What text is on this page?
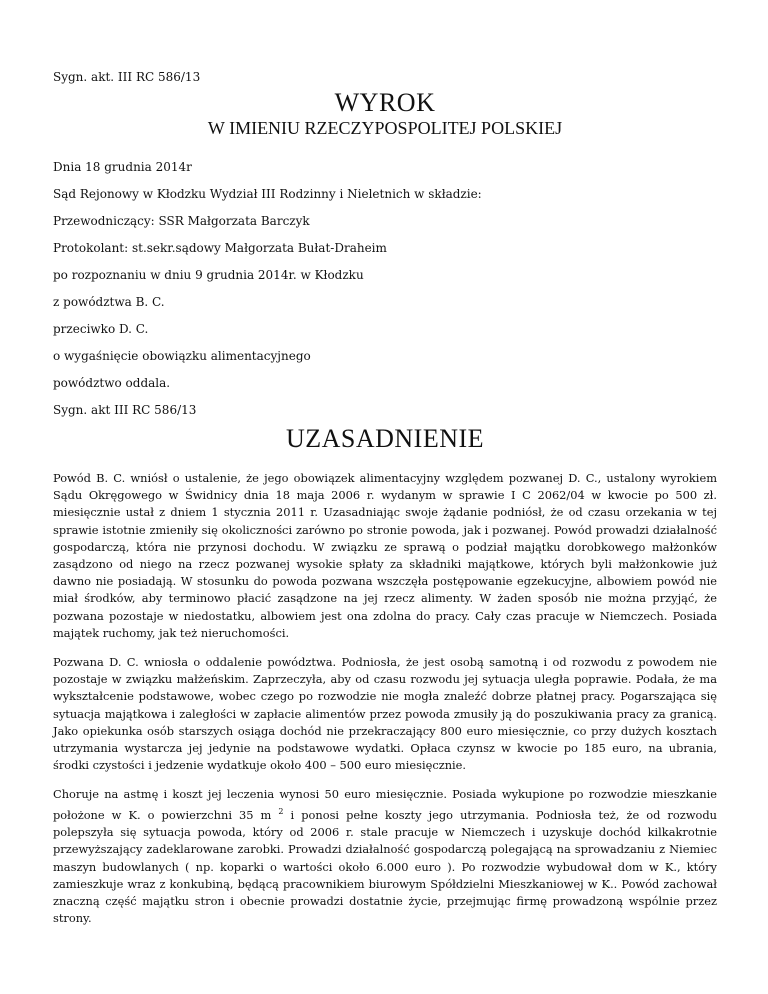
Sygn. akt. III RC 586/13

WYROK
W IMIENIU RZECZYPOSPOLITEJ POLSKIEJ

Dnia 18 grudnia 2014r

Sąd Rejonowy w Kłodzku Wydział III Rodzinny i Nieletnich w składzie:

Przewodniczący: SSR Małgorzata Barczyk

Protokolant: st.sekr.sądowy Małgorzata Bułat-Draheim

po rozpoznaniu w dniu 9 grudnia 2014r. w Kłodzku

z powództwa B. C.

przeciwko D. C.

o wygaśnięcie obowiązku alimentacyjnego

powództwo oddala.

Sygn. akt III RC 586/13

UZASADNIENIE

Powód B. C. wniósł o ustalenie, że jego obowiązek alimentacyjny względem pozwanej D. C., ustalony wyrokiem Sądu Okręgowego w Świdnicy dnia 18 maja 2006 r. wydanym w sprawie I C 2062/04 w kwocie po 500 zł. miesięcznie ustał z dniem 1 stycznia 2011 r. Uzasadniając swoje żądanie podniósł, że od czasu orzekania w tej sprawie istotnie zmieniły się okoliczności zarówno po stronie powoda, jak i pozwanej. Powód prowadzi działalność gospodarczą, która nie przynosi dochodu. W związku ze sprawą o podział majątku dorobkowego małżonków zasądzono od niego na rzecz pozwanej wysokie spłaty za składniki majątkowe, których byli małżonkowie już dawno nie posiadają. W stosunku do powoda pozwana wszczęła postępowanie egzekucyjne, albowiem powód nie miał środków, aby terminowo płacić zasądzone na jej rzecz alimenty. W żaden sposób nie można przyjąć, że pozwana pozostaje w niedostatku, albowiem jest ona zdolna do pracy. Cały czas pracuje w Niemczech. Posiada majątek ruchomy, jak też nieruchomości.

Pozwana D. C. wniosła o oddalenie powództwa. Podniosła, że jest osobą samotną i od rozwodu z powodem nie pozostaje w związku małżeńskim. Zaprzeczyła, aby od czasu rozwodu jej sytuacja uległa poprawie. Podała, że ma wykształcenie podstawowe, wobec czego po rozwodzie nie mogła znaleźć dobrze płatnej pracy. Pogarszająca się sytuacja majątkowa i zaległości w zapłacie alimentów przez powoda zmusiły ją do poszukiwania pracy za granicą. Jako opiekunka osób starszych osiąga dochód nie przekraczający 800 euro miesięcznie, co przy dużych kosztach utrzymania wystarcza jej jedynie na podstawowe wydatki. Opłaca czynsz w kwocie po 185 euro, na ubrania, środki czystości i jedzenie wydatkuje około 400 – 500 euro miesięcznie.

Choruje na astmę i koszt jej leczenia wynosi 50 euro miesięcznie. Posiada wykupione po rozwodzie mieszkanie położone w K. o powierzchni 35 m $^2$ i ponosi pełne koszty jego utrzymania. Podniosła też, że od rozwodu polepszyła się sytuacja powoda, który od 2006 r. stale pracuje w Niemczech i uzyskuje dochód kilkakrotnie przewyższający zadeklarowane zarobki. Prowadzi działalność gospodarczą polegającą na sprowadzaniu z Niemiec maszyn budowlanych ( np. koparki o wartości około 6.000 euro ). Po rozwodzie wybudował dom w K., który zamieszkuje wraz z konkubiną, będącą pracownikiem biurowym Spółdzielni Mieszkaniowej w K.. Powód zachował znaczną część majątku stron i obecnie prowadzi dostatnie życie, przejmując firmę prowadzoną wspólnie przez strony.
